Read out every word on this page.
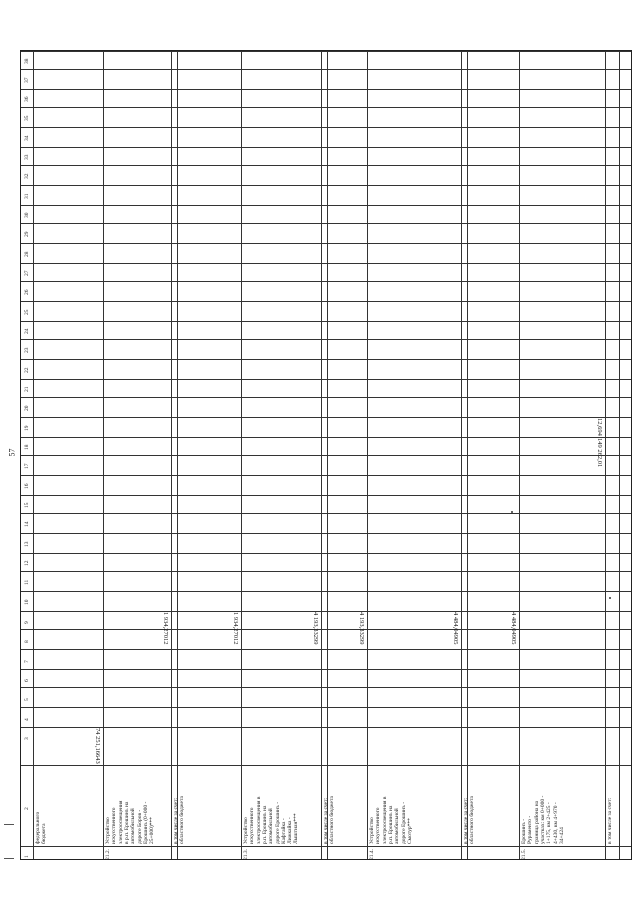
57
1
2
3
4
5
6
7
8
9
10
11
12
13
14
15
16
17
18
19
20
21
22
23
24
25
26
27
28
29
30
31
32
33
34
35
36
37
38
федерального бюджета
74 251,16643
21.2.
Устройство искусственного электроосвещения в р.п. Ерошинъ на автомобильной дороге Боров - Ерошинъ (0+000 - 25+000)***
1 934,27012
в том числе за счет: областного бюджета
1 934,27012
21.3.
Устройство искусственного электроосвещения в р.п. Ерошинъ на автомобильной дороге Ерошинъ - Кафтайка - Лижкайка - Лыштиан***
4 193,33299
в том числе за счет: областного бюджета
4 193,33299
21.4.
Устройство искусственного электроосвещения в р.п. Ерошинъ на автомобильной дороге Ерошинъ - Смотур***
4 484,04905
в том числе за счет: областного бюджета
4 484,04905
21.5.
Ерошинъ - Рураменто - граница района на участках: км 0+000 - 1+175, км 2+425 - 4+430, км 4+970 - 34+424
149 262,01
12,694
в том числе за счет:
